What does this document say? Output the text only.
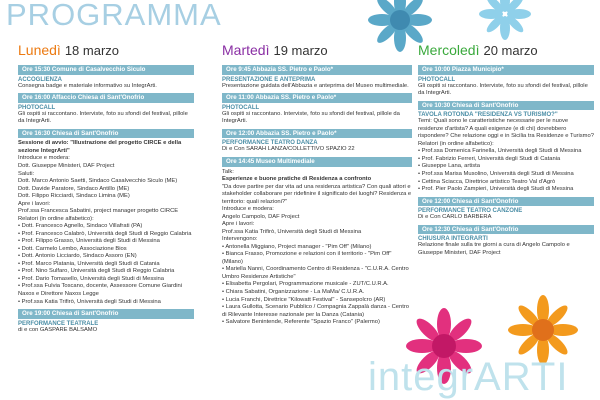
PROGRAMMA
integrARTI
Lunedì 18 marzo
Ore 15:30 Comune di Casalvecchio Siculo
ACCOGLIENZA
Consegna badge e materiale informativo su IntegrArti.
Ore 16:00 Affaccio Chiesa di Sant'Onofrio
PHOTOCALL
Gli ospiti si raccontano. Interviste, foto su sfondi del festival, pillole da IntegrArti.
Ore 16:30 Chiesa di Sant'Onofrio
Sessione di avvio: "Illustrazione del progetto CIRCE e della sezione IntegrArti"
Introduce e modera:
Dott. Giuseppe Ministeri, DAF Project
Saluti:
Dott. Marco Antonio Saetti, Sindaco Casalvecchio Siculo (ME)
Dott. Davide Paratore, Sindaco Antillo (ME)
Dott. Filippo Ricciardi, Sindaco Limina (ME)
Apre i lavori:
Prof.ssa Francesca Sabatini, project manager progetto CIRCE
Relatori (in ordine alfabetico):
• Dott. Francesco Agnello, Sindaco Villafrati (PA)
• Prof. Francesco Calabrò, Università degli Studi di Reggio Calabria
• Prof. Filippo Grasso, Università degli Studi di Messina
• Dott. Carmelo Lembo, Associazione Bios
• Dott. Antonio Licciardo, Sindaco Assoro (EN)
• Prof. Marco Platania, Università degli Studi di Catania
• Prof. Nino Sulfaro, Università degli Studi di Reggio Calabria
• Prof. Dario Tomasello, Università degli Studi di Messina
• Prof.ssa Fulvia Toscano, docente, Assessore Comune Giardini Naxos e Direttore Naxos Legge
• Prof.ssa Katia Trifirò, Università degli Studi di Messina
Ore 19:00 Chiesa di Sant'Onofrio
PERFORMANCE TEATRALE
di e con GASPARE BALSAMO
Martedì 19 marzo
Ore 9:45 Abbazia SS. Pietro e Paolo*
PRESENTAZIONE E ANTEPRIMA
Presentazione guidata dell'Abbazia e anteprima del Museo multimediale.
Ore 11:00 Abbazia SS. Pietro e Paolo*
PHOTOCALL
Gli ospiti si raccontano. Interviste, foto su sfondi del festival, pillole da IntegrArti.
Ore 12:00 Abbazia SS. Pietro e Paolo*
PERFORMANCE TEATRO DANZA
Di e Con SARAH LANZA/COLLETTIVO SPAZIO 22
Ore 14:45 Museo Multimediale
Talk:
Esperienze e buone pratiche di Residenza a confronto
"Da dove partire per dar vita ad una residenza artistica? Con quali attori e stakeholder collaborare per ridefinire il significato dei luoghi? Residenza e territorio: quali relazioni?"
Introduce e modera:
Angelo Campolo, DAF Project
Apre i lavori:
Prof.ssa Katia Trifirò, Università degli Studi di Messina
Intervengono:
• Antonella Miggiano, Project manager - "Pim Off" (Milano)
• Bianca Frasso, Promozione e relazioni con il territorio - "Pim Off" (Milano)
• Mariella Nanni, Coordinamento Centro di Residenza - "C.U.R.A. Centro Umbro Residenze Artistiche"
• Elisabetta Pergolari, Programmazione musicale - ZUT/C.U.R.A.
• Chiara Sabatini, Organizzazione - La MaMa/ C.U.R.A.
• Lucia Franchi, Direttrice "Kilowatt Festival" - Sansepolcro (AR)
• Laura Gullotta, Scenario Pubblico / Compagnia Zappalà danza - Centro di Rilevante Interesse nazionale per la Danza (Catania)
• Salvatore Benintende, Referente "Spazio Franco" (Palermo)
Mercoledì 20 marzo
Ore 10:00 Piazza Municipio*
PHOTOCALL
Gli ospiti si raccontano. Interviste, foto su sfondi del festival, pillole da IntegrArti.
Ore 10:30 Chiesa di Sant'Onofrio
TAVOLA ROTONDA "RESIDENZA VS TURISMO?"
Temi: Quali sono le caratteristiche necessarie per le nuove residenze d'artista? A quali esigenze (e di chi) dovrebbero rispondere? Che relazione oggi e in Sicilia tra Residenze e Turismo?
Relatori (in ordine alfabetico):
• Prof.ssa Domenica Farinella, Università degli Studi di Messina
• Prof. Fabrizio Ferreri, Università degli Studi di Catania
• Giuseppe Lana, artista
• Prof.ssa Marisa Musolino, Università degli Studi di Messina
• Cettina Sciacca, Direttrice artistico Teatro Val d'Agrò
• Prof. Pier Paolo Zampieri, Università degli Studi di Messina
Ore 12:00 Chiesa di Sant'Onofrio
PERFORMANCE TEATRO CANZONE
Di e Con CARLO BARBERA
Ore 12:30 Chiesa di Sant'Onofrio
CHIUSURA INTEGRARTI
Relazione finale sulla tre giorni a cura di Angelo Campolo e Giuseppe Ministeri, DAF Project
